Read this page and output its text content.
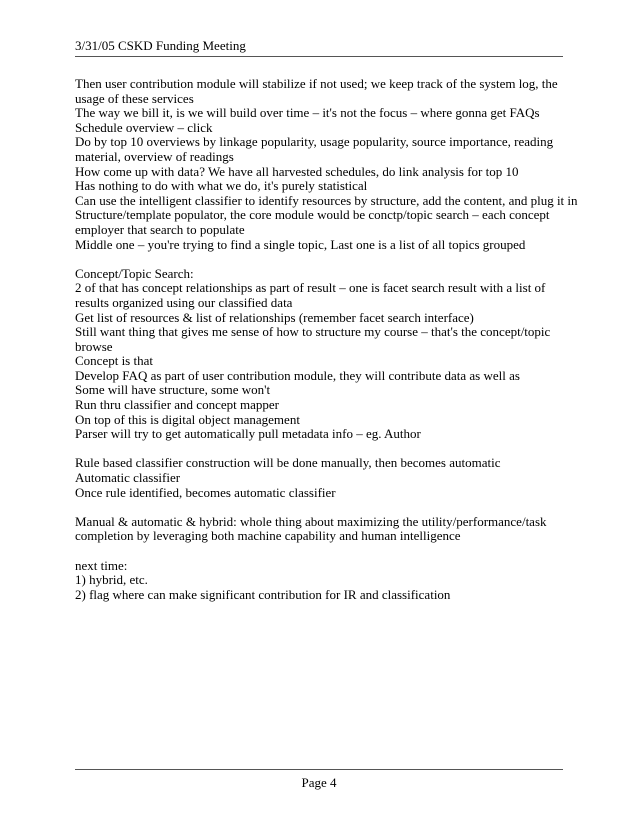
3/31/05 CSKD Funding Meeting
Then user contribution module will stabilize if not used; we keep track of the system log, the
usage of these services
The way we bill it, is we will build over time – it's not the focus – where gonna get FAQs
Schedule overview – click
Do by top 10 overviews by linkage popularity, usage popularity, source importance, reading
material, overview of readings
How come up with data? We have all harvested schedules, do link analysis for top 10
Has nothing to do with what we do, it's purely statistical
Can use the intelligent classifier to identify resources by structure, add the content, and plug it in
Structure/template populator, the core module would be conctp/topic search – each concept
employer that search to populate
Middle one – you're trying to find a single topic, Last one is a list of all topics grouped
Concept/Topic Search:
2 of that has concept relationships as part of result – one is facet search result with a list of
results organized using our classified data
Get list of resources & list of relationships (remember facet search interface)
Still want thing that gives me sense of how to structure my course – that's the concept/topic
browse
Concept is that
Develop FAQ as part of user contribution module, they will contribute data as well as
Some will have structure, some won't
Run thru classifier and concept mapper
On top of this is digital object management
Parser will try to get automatically pull metadata info – eg. Author
Rule based classifier construction will be done manually, then becomes automatic
Automatic classifier
Once rule identified, becomes automatic classifier
Manual & automatic & hybrid: whole thing about maximizing the utility/performance/task
completion by leveraging both machine capability and human intelligence
next time:
1) hybrid, etc.
2) flag where can make significant contribution for IR and classification
Page 4
